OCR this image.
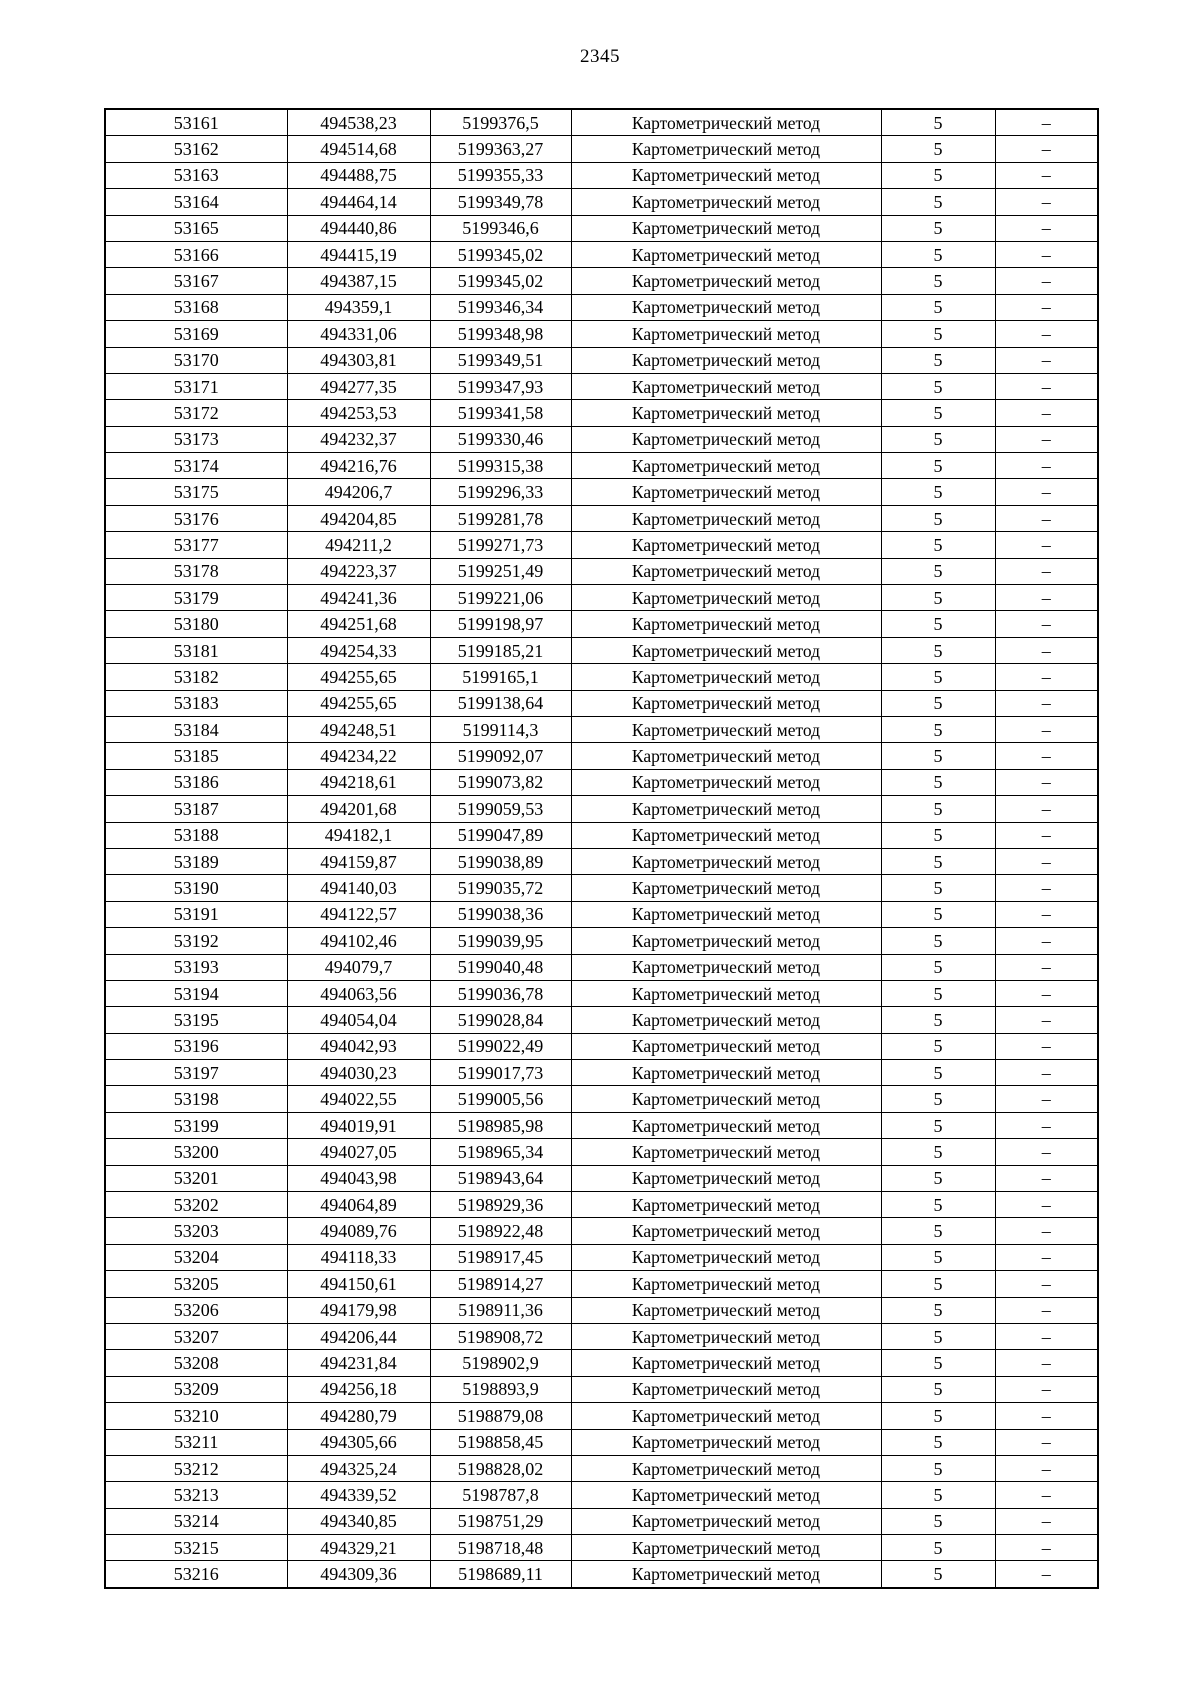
2345
53161	494538,23	5199376,5	Картометрический метод	5	–
53162	494514,68	5199363,27	Картометрический метод	5	–
53163	494488,75	5199355,33	Картометрический метод	5	–
53164	494464,14	5199349,78	Картометрический метод	5	–
53165	494440,86	5199346,6	Картометрический метод	5	–
53166	494415,19	5199345,02	Картометрический метод	5	–
53167	494387,15	5199345,02	Картометрический метод	5	–
53168	494359,1	5199346,34	Картометрический метод	5	–
53169	494331,06	5199348,98	Картометрический метод	5	–
53170	494303,81	5199349,51	Картометрический метод	5	–
53171	494277,35	5199347,93	Картометрический метод	5	–
53172	494253,53	5199341,58	Картометрический метод	5	–
53173	494232,37	5199330,46	Картометрический метод	5	–
53174	494216,76	5199315,38	Картометрический метод	5	–
53175	494206,7	5199296,33	Картометрический метод	5	–
53176	494204,85	5199281,78	Картометрический метод	5	–
53177	494211,2	5199271,73	Картометрический метод	5	–
53178	494223,37	5199251,49	Картометрический метод	5	–
53179	494241,36	5199221,06	Картометрический метод	5	–
53180	494251,68	5199198,97	Картометрический метод	5	–
53181	494254,33	5199185,21	Картометрический метод	5	–
53182	494255,65	5199165,1	Картометрический метод	5	–
53183	494255,65	5199138,64	Картометрический метод	5	–
53184	494248,51	5199114,3	Картометрический метод	5	–
53185	494234,22	5199092,07	Картометрический метод	5	–
53186	494218,61	5199073,82	Картометрический метод	5	–
53187	494201,68	5199059,53	Картометрический метод	5	–
53188	494182,1	5199047,89	Картометрический метод	5	–
53189	494159,87	5199038,89	Картометрический метод	5	–
53190	494140,03	5199035,72	Картометрический метод	5	–
53191	494122,57	5199038,36	Картометрический метод	5	–
53192	494102,46	5199039,95	Картометрический метод	5	–
53193	494079,7	5199040,48	Картометрический метод	5	–
53194	494063,56	5199036,78	Картометрический метод	5	–
53195	494054,04	5199028,84	Картометрический метод	5	–
53196	494042,93	5199022,49	Картометрический метод	5	–
53197	494030,23	5199017,73	Картометрический метод	5	–
53198	494022,55	5199005,56	Картометрический метод	5	–
53199	494019,91	5198985,98	Картометрический метод	5	–
53200	494027,05	5198965,34	Картометрический метод	5	–
53201	494043,98	5198943,64	Картометрический метод	5	–
53202	494064,89	5198929,36	Картометрический метод	5	–
53203	494089,76	5198922,48	Картометрический метод	5	–
53204	494118,33	5198917,45	Картометрический метод	5	–
53205	494150,61	5198914,27	Картометрический метод	5	–
53206	494179,98	5198911,36	Картометрический метод	5	–
53207	494206,44	5198908,72	Картометрический метод	5	–
53208	494231,84	5198902,9	Картометрический метод	5	–
53209	494256,18	5198893,9	Картометрический метод	5	–
53210	494280,79	5198879,08	Картометрический метод	5	–
53211	494305,66	5198858,45	Картометрический метод	5	–
53212	494325,24	5198828,02	Картометрический метод	5	–
53213	494339,52	5198787,8	Картометрический метод	5	–
53214	494340,85	5198751,29	Картометрический метод	5	–
53215	494329,21	5198718,48	Картометрический метод	5	–
53216	494309,36	5198689,11	Картометрический метод	5	–
